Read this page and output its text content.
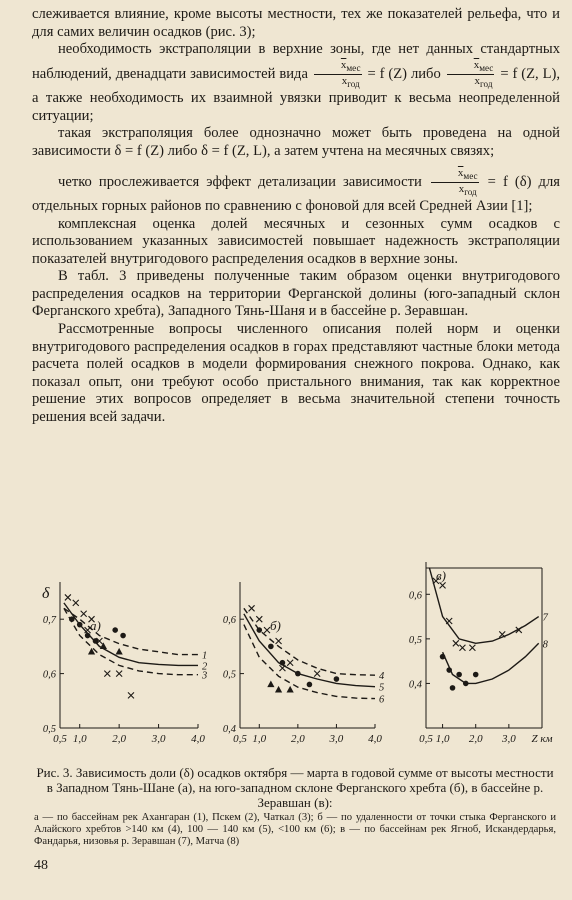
слеживается влияние, кроме высоты местности, тех же показателей рельефа, что и для самих величин осадков (рис. 3);

необходимость экстраполяции в верхние зоны, где нет данных стандартных наблюдений, двенадцати зависимостей вида $\frac{\overline{x}_{мес}}{x_{год}} = f$ (Z) либо $\frac{\overline{x}_{мес}}{x_{год}} = f$ (Z, L), а также необходимость их взаимной увязки приводит к весьма неопределенной ситуации;

такая экстраполяция более однозначно может быть проведена на одной зависимости δ = f (Z) либо δ = f (Z, L), а затем учтена на месячных связях;

четко прослеживается эффект детализации зависимости $\frac{\overline{x}_{мес}}{x_{год}} = f$ (δ) для отдельных горных районов по сравнению с фоновой для всей Средней Азии [1];

комплексная оценка долей месячных и сезонных сумм осадков с использованием указанных зависимостей повышает надежность экстраполяции показателей внутригодового распределения осадков в верхние зоны.

В табл. 3 приведены полученные таким образом оценки внутригодового распределения осадков на территории Ферганской долины (юго-западный склон Ферганского хребта), Западного Тянь-Шаня и в бассейне р. Зеравшан.

Рассмотренные вопросы численного описания полей норм и оценки внутригодового распределения осадков в горах представляют частные блоки метода расчета полей осадков в модели формирования снежного покрова. Однако, как показал опыт, они требуют особо пристального внимания, так как корректное решение этих вопросов определяет в весьма значительной степени точность решения всей задачи.

0,5 1,0 2,0 3,0 4,0
0,5
0,6
0,7	а)
δ
1
2
3
0,5 1,0 2,0 3,0 4,0
0,4
0,5
0,6	б)
4
5
6
0,5 1,0 2,0 3,0 Z км
0,4
0,5
0,6
в)
7
8

Рис. 3. Зависимость доли (δ) осадков октября — марта в годовой сумме от высоты местности в Западном Тянь-Шане (а), на юго-западном склоне Ферганского хребта (б), в бассейне р. Зеравшан (в):

а — по бассейнам рек Ахангаран (1), Пскем (2), Чаткал (3); б — по удаленности от точки стыка Ферганского и Алайского хребтов >140 км (4), 100 — 140 км (5), <100 км (6); в — по бассейнам рек Ягноб, Искандердарья, Фандарья, низовья р. Зеравшан (7), Матча (8)

48
